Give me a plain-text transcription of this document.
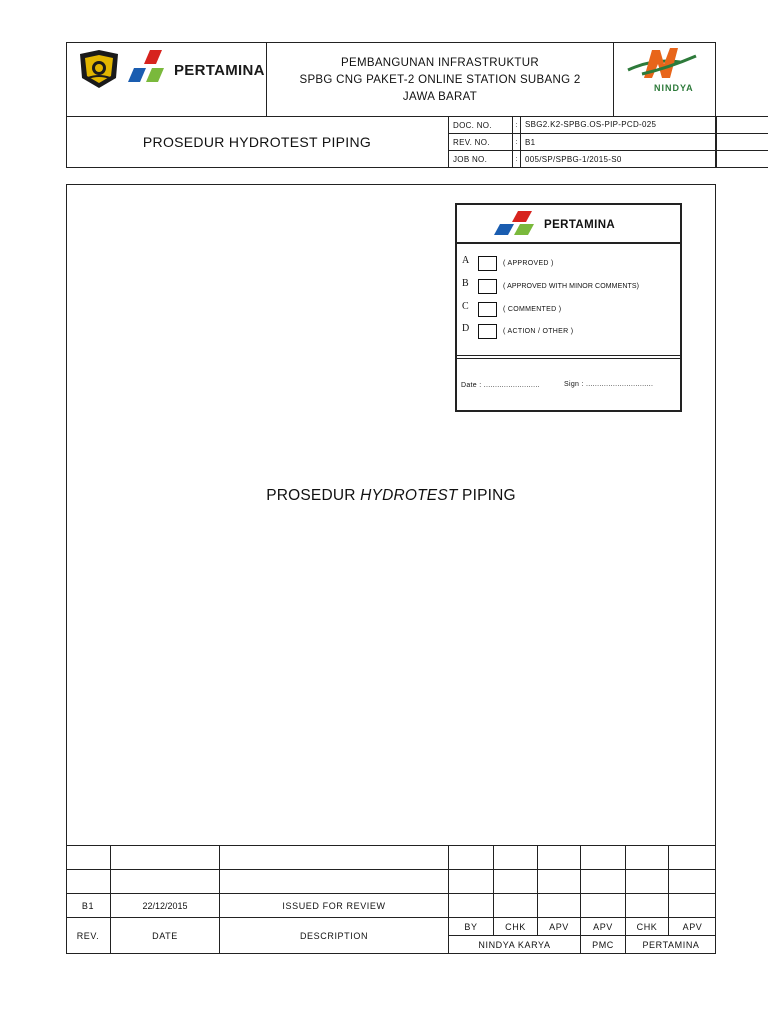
PERTAMINA	PEMBANGUNAN INFRASTRUKTUR
SPBG CNG PAKET-2 ONLINE STATION SUBANG 2
JAWA BARAT
NINDYA
PROSEDUR HYDROTEST PIPING
DOC. NO.	: SBG2.K2-SPBG.OS-PIP-PCD-025
REV. NO.	: B1
JOB NO.	: 005/SP/SPBG-1/2015-S0
PERTAMINA
A	( APPROVED )
B	( APPROVED WITH MINOR COMMENTS)
C	( COMMENTED )
D	( ACTION / OTHER )
Date : .........................	Sign : ..............................
PROSEDUR HYDROTEST PIPING
B1	22/12/2015	ISSUED FOR REVIEW
REV.	DATE	DESCRIPTION
BY	CHK	APV	APV	CHK	APV
NINDYA KARYA	PMC	PERTAMINA
